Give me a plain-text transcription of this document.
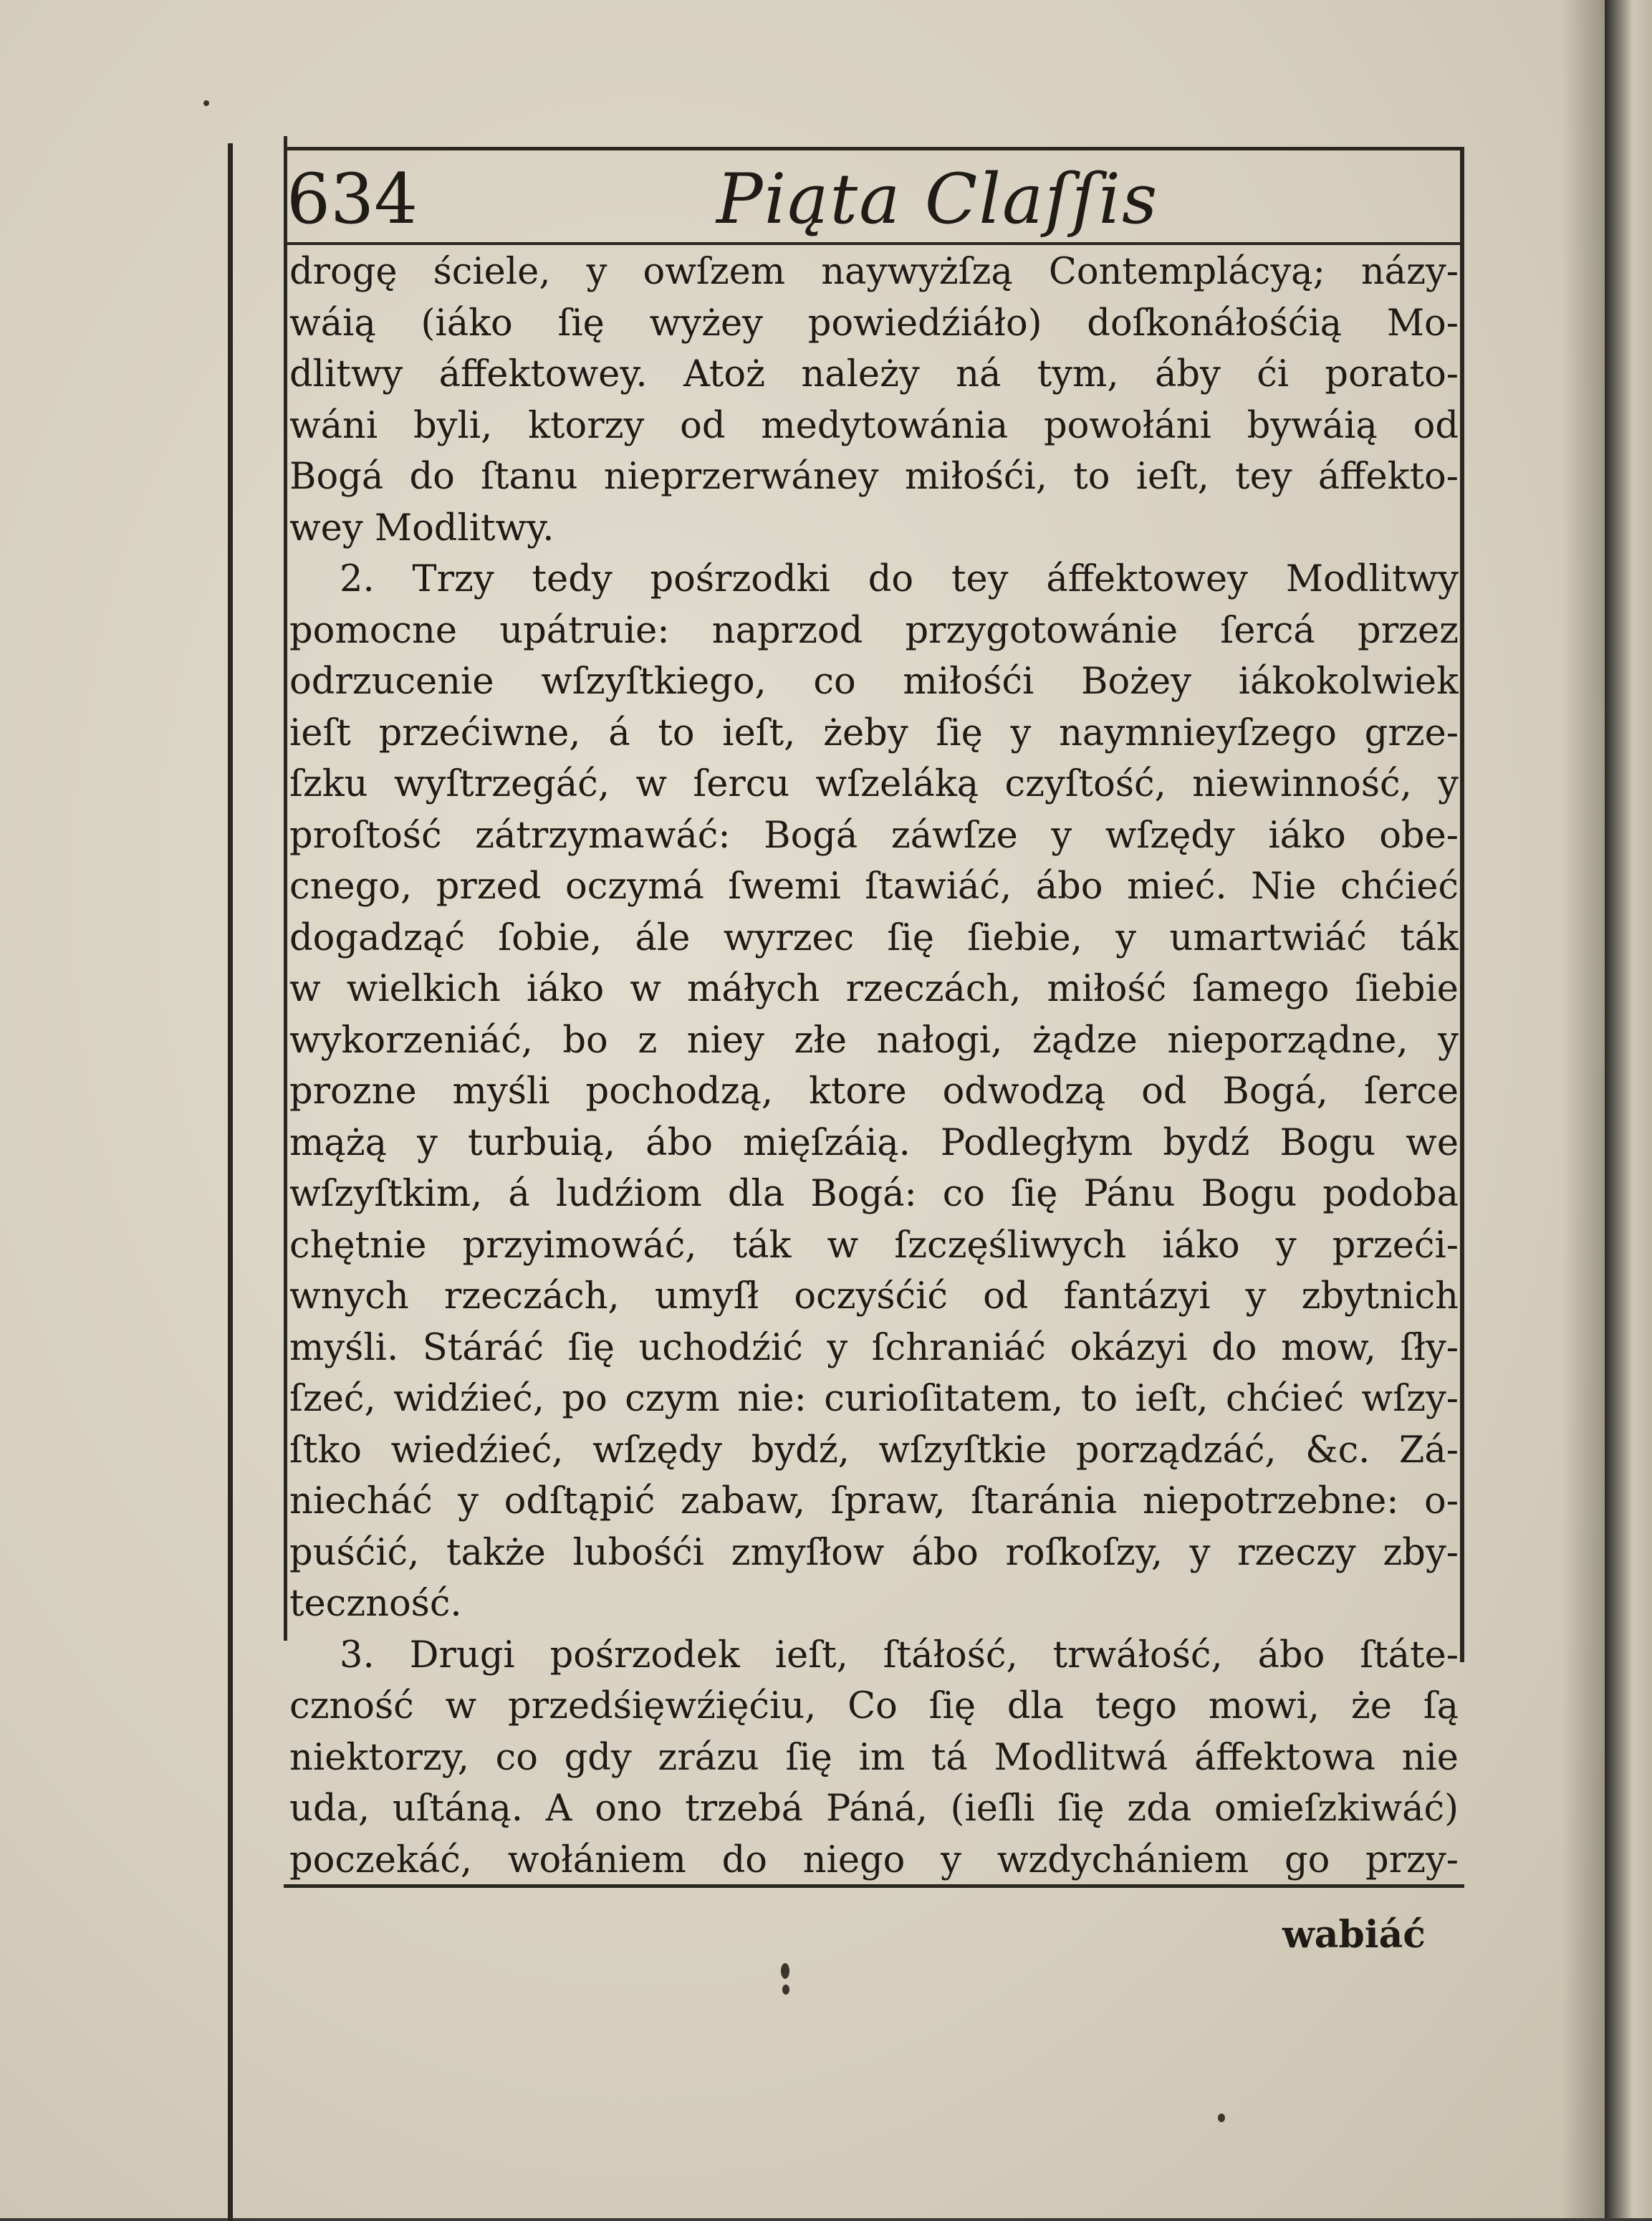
634	Piąta Claſſis
drogę ściele, y owſzem naywyżſzą Contemplácyą; názy-
wáią (iáko ſię wyżey powiedźiáło) doſkonáłośćią Mo-
dlitwy áffektowey. Atoż należy ná tym, áby ći porato-
wáni byli, ktorzy od medytowánia powołáni bywáią od
Bogá do ſtanu nieprzerwáney miłośći, to ieſt, tey áffekto-
wey Modlitwy.
2. Trzy tedy pośrzodki do tey áffektowey Modlitwy
pomocne upátruie: naprzod przygotowánie ſercá przez
odrzucenie wſzyſtkiego, co miłośći Bożey iákokolwiek
ieſt przećiwne, á to ieſt, żeby ſię y naymnieyſzego grze-
ſzku wyſtrzegáć, w ſercu wſzeláką czyſtość, niewinność, y
proſtość zátrzymawáć: Bogá záwſze y wſzędy iáko obe-
cnego, przed oczymá ſwemi ſtawiáć, ábo mieć. Nie chćieć
dogadząć ſobie, ále wyrzec ſię ſiebie, y umartwiáć ták
w wielkich iáko w máłych rzeczách, miłość ſamego ſiebie
wykorzeniáć, bo z niey złe nałogi, żądze nieporządne, y
prozne myśli pochodzą, ktore odwodzą od Bogá, ſerce
mążą y turbuią, ábo mięſzáią. Podległym bydź Bogu we
wſzyſtkim, á ludźiom dla Bogá: co ſię Pánu Bogu podoba
chętnie przyimowáć, ták w ſzczęśliwych iáko y przeći-
wnych rzeczách, umyſł oczyśćić od fantázyi y zbytnich
myśli. Stáráć ſię uchodźić y ſchraniáć okázyi do mow, ſły-
ſzeć, widźieć, po czym nie: curioſitatem, to ieſt, chćieć wſzy-
ſtko wiedźieć, wſzędy bydź, wſzyſtkie porządzáć, &c. Zá-
niecháć y odſtąpić zabaw, ſpraw, ſtaránia niepotrzebne: o-
puśćić, także lubośći zmyſłow ábo roſkoſzy, y rzeczy zby-
teczność.
3. Drugi pośrzodek ieſt, ſtáłość, trwáłość, ábo ſtáte-
czność w przedśięwźięćiu, Co ſię dla tego mowi, że ſą
niektorzy, co gdy zrázu ſię im tá Modlitwá áffektowa nie
uda, uſtáną. A ono trzebá Páná, (ieſli ſię zda omieſzkiwáć)
poczekáć, wołániem do niego y wzdychániem go przy-
wabiáć
